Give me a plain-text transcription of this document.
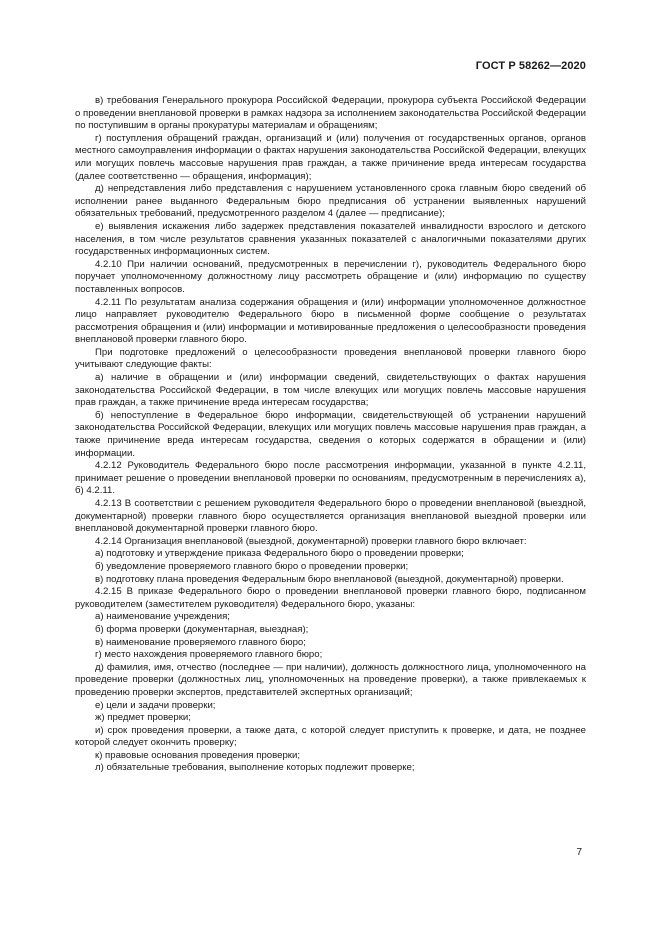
ГОСТ Р 58262—2020

в) требования Генерального прокурора Российской Федерации, прокурора субъекта Российской Федерации о проведении внеплановой проверки в рамках надзора за исполнением законодательства Российской Федерации по поступившим в органы прокуратуры материалам и обращениям;

г) поступления обращений граждан, организаций и (или) получения от государственных органов, органов местного самоуправления информации о фактах нарушения законодательства Российской Федерации, влекущих или могущих повлечь массовые нарушения прав граждан, а также причинение вреда интересам государства (далее соответственно — обращения, информация);

д) непредставления либо представления с нарушением установленного срока главным бюро сведений об исполнении ранее выданного Федеральным бюро предписания об устранении выявленных нарушений обязательных требований, предусмотренного разделом 4 (далее — предписание);

е) выявления искажения либо задержек представления показателей инвалидности взрослого и детского населения, в том числе результатов сравнения указанных показателей с аналогичными показателями других государственных информационных систем.

4.2.10 При наличии оснований, предусмотренных в перечислении г), руководитель Федерального бюро поручает уполномоченному должностному лицу рассмотреть обращение и (или) информацию по существу поставленных вопросов.

4.2.11 По результатам анализа содержания обращения и (или) информации уполномоченное должностное лицо направляет руководителю Федерального бюро в письменной форме сообщение о результатах рассмотрения обращения и (или) информации и мотивированные предложения о целесообразности проведения внеплановой проверки главного бюро.

При подготовке предложений о целесообразности проведения внеплановой проверки главного бюро учитывают следующие факты:

а) наличие в обращении и (или) информации сведений, свидетельствующих о фактах нарушения законодательства Российской Федерации, в том числе влекущих или могущих повлечь массовые нарушения прав граждан, а также причинение вреда интересам государства;

б) непоступление в Федеральное бюро информации, свидетельствующей об устранении нарушений законодательства Российской Федерации, влекущих или могущих повлечь массовые нарушения прав граждан, а также причинение вреда интересам государства, сведения о которых содержатся в обращении и (или) информации.

4.2.12 Руководитель Федерального бюро после рассмотрения информации, указанной в пункте 4.2.11, принимает решение о проведении внеплановой проверки по основаниям, предусмотренным в перечислениях а), б) 4.2.11.

4.2.13 В соответствии с решением руководителя Федерального бюро о проведении внеплановой (выездной, документарной) проверки главного бюро осуществляется организация внеплановой выездной проверки или внеплановой документарной проверки главного бюро.

4.2.14 Организация внеплановой (выездной, документарной) проверки главного бюро включает:

а) подготовку и утверждение приказа Федерального бюро о проведении проверки;

б) уведомление проверяемого главного бюро о проведении проверки;

в) подготовку плана проведения Федеральным бюро внеплановой (выездной, документарной) проверки.

4.2.15 В приказе Федерального бюро о проведении внеплановой проверки главного бюро, подписанном руководителем (заместителем руководителя) Федерального бюро, указаны:

а) наименование учреждения;

б) форма проверки (документарная, выездная);

в) наименование проверяемого главного бюро;

г) место нахождения проверяемого главного бюро;

д) фамилия, имя, отчество (последнее — при наличии), должность должностного лица, уполномоченного на проведение проверки (должностных лиц, уполномоченных на проведение проверки), а также привлекаемых к проведению проверки экспертов, представителей экспертных организаций;

е) цели и задачи проверки;

ж) предмет проверки;

и) срок проведения проверки, а также дата, с которой следует приступить к проверке, и дата, не позднее которой следует окончить проверку;

к) правовые основания проведения проверки;

л) обязательные требования, выполнение которых подлежит проверке;

7
